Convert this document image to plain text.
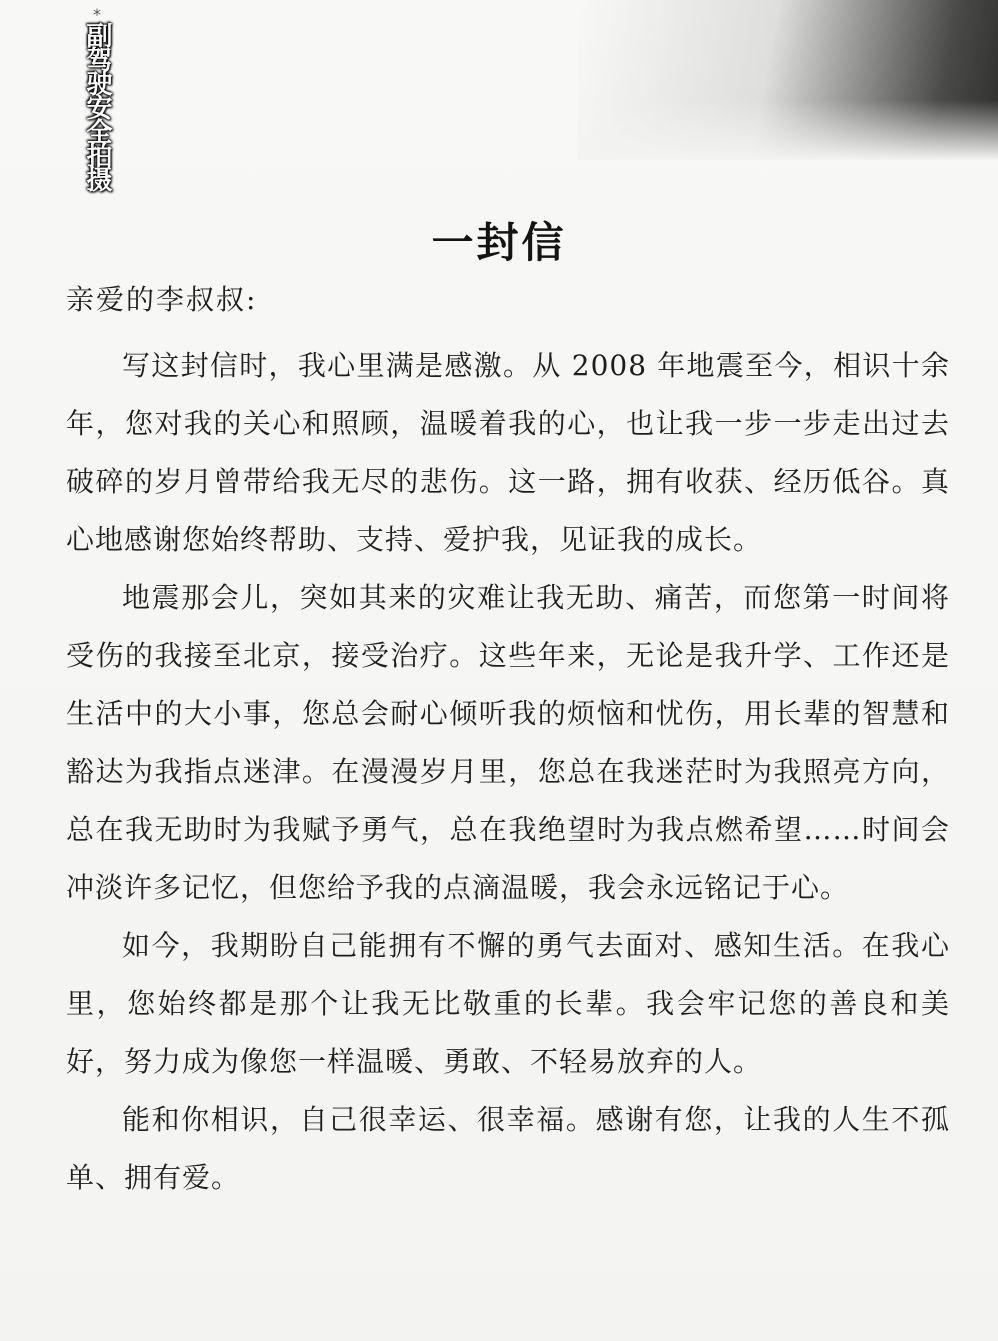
*
副驾驶安全拍摄
一封信
亲爱的李叔叔:

写这封信时，我心里满是感激。从 2008 年地震至今，相识十余年，您对我的关心和照顾，温暖着我的心，也让我一步一步走出过去破碎的岁月曾带给我无尽的悲伤。这一路，拥有收获、经历低谷。真心地感谢您始终帮助、支持、爱护我，见证我的成长。

地震那会儿，突如其来的灾难让我无助、痛苦，而您第一时间将受伤的我接至北京，接受治疗。这些年来，无论是我升学、工作还是生活中的大小事，您总会耐心倾听我的烦恼和忧伤，用长辈的智慧和豁达为我指点迷津。在漫漫岁月里，您总在我迷茫时为我照亮方向，总在我无助时为我赋予勇气，总在我绝望时为我点燃希望……时间会冲淡许多记忆，但您给予我的点滴温暖，我会永远铭记于心。

如今，我期盼自己能拥有不懈的勇气去面对、感知生活。在我心里，您始终都是那个让我无比敬重的长辈。我会牢记您的善良和美好，努力成为像您一样温暖、勇敢、不轻易放弃的人。

能和你相识，自己很幸运、很幸福。感谢有您，让我的人生不孤单、拥有爱。
